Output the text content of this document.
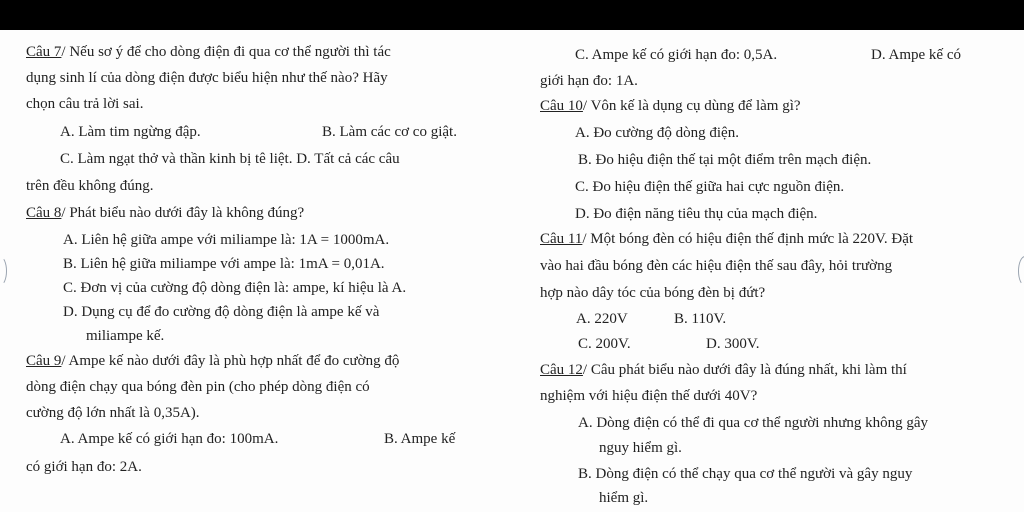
Câu 7/ Nếu sơ ý để cho dòng điện đi qua cơ thể người thì tác
dụng sinh lí của dòng điện được biểu hiện như thế nào? Hãy
chọn câu trả lời sai.
A. Làm tim ngừng đập.	B. Làm các cơ co giật.
C. Làm ngạt thở và thần kinh bị tê liệt. D. Tất cả các câu
trên đều không đúng.
Câu 8/ Phát biểu nào dưới đây là không đúng?
A. Liên hệ giữa ampe với miliampe là: 1A = 1000mA.
B. Liên hệ giữa miliampe với ampe là: 1mA = 0,01A.
C. Đơn vị của cường độ dòng điện là: ampe, kí hiệu là A.
D. Dụng cụ để đo cường độ dòng điện là ampe kế và
miliampe kế.
Câu 9/ Ampe kế nào dưới đây là phù hợp nhất để đo cường độ
dòng điện chạy qua bóng đèn pin (cho phép dòng điện có
cường độ lớn nhất là 0,35A).
A. Ampe kế có giới hạn đo: 100mA.	B. Ampe kế
có giới hạn đo: 2A.
C. Ampe kế có giới hạn đo: 0,5A.	D. Ampe kế có
giới hạn đo: 1A.
Câu 10/ Vôn kế là dụng cụ dùng để làm gì?
A. Đo cường độ dòng điện.
B. Đo hiệu điện thế tại một điểm trên mạch điện.
C. Đo hiệu điện thế giữa hai cực nguồn điện.
D. Đo điện năng tiêu thụ của mạch điện.
Câu 11/ Một bóng đèn có hiệu điện thế định mức là 220V. Đặt
vào hai đầu bóng đèn các hiệu điện thế sau đây, hỏi trường
hợp nào dây tóc của bóng đèn bị đứt?
A. 220V	B. 110V.
C. 200V.	D. 300V.
Câu 12/ Câu phát biểu nào dưới đây là đúng nhất, khi làm thí
nghiệm với hiệu điện thế dưới 40V?
A. Dòng điện có thể đi qua cơ thể người nhưng không gây
nguy hiểm gì.
B. Dòng điện có thể chạy qua cơ thể người và gây nguy
hiểm gì.
